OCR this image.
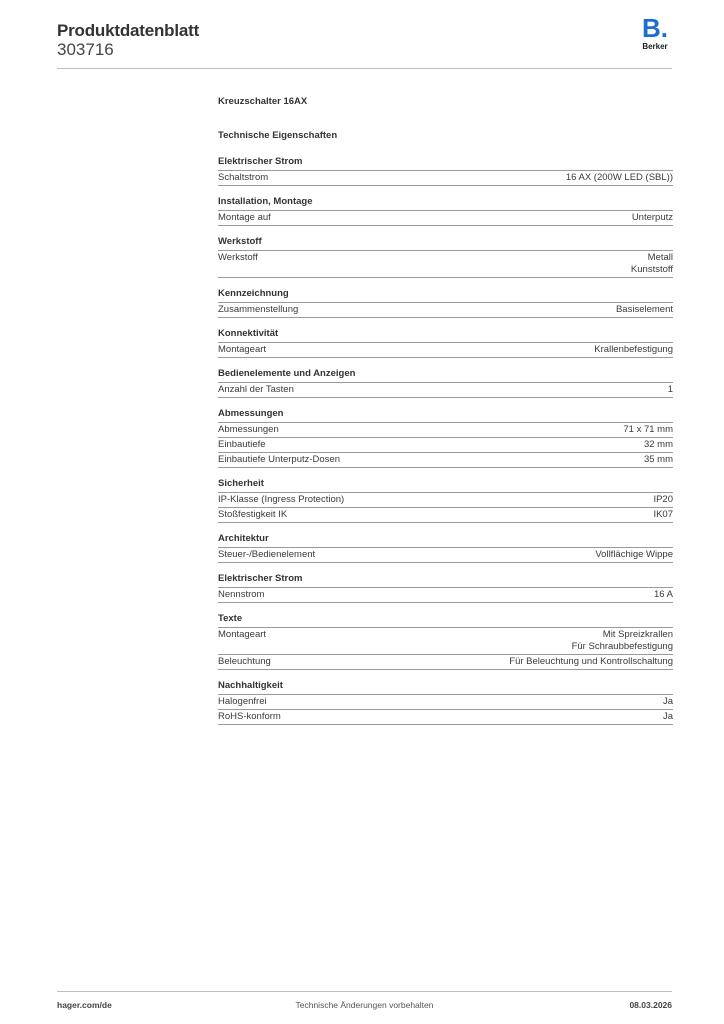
Produktdatenblatt
303716
B.
Berker
Kreuzschalter 16AX
Technische Eigenschaften
Elektrischer Strom
Schaltstrom	16 AX (200W LED (SBL))
Installation, Montage
Montage auf	Unterputz
Werkstoff
Werkstoff	Metall
Kunststoff
Kennzeichnung
Zusammenstellung	Basiselement
Konnektivität
Montageart	Krallenbefestigung
Bedienelemente und Anzeigen
Anzahl der Tasten	1
Abmessungen
Abmessungen	71 x 71 mm
Einbautiefe	32 mm
Einbautiefe Unterputz-Dosen	35 mm
Sicherheit
IP-Klasse (Ingress Protection)	IP20
Stoßfestigkeit IK	IK07
Architektur
Steuer-/Bedienelement	Vollflächige Wippe
Elektrischer Strom
Nennstrom	16 A
Texte
Montageart	Mit Spreizkrallen
Für Schraubbefestigung
Beleuchtung	Für Beleuchtung und Kontrollschaltung
Nachhaltigkeit
Halogenfrei	Ja
RoHS-konform	Ja
hager.com/de	Technische Änderungen vorbehalten	08.03.2026
